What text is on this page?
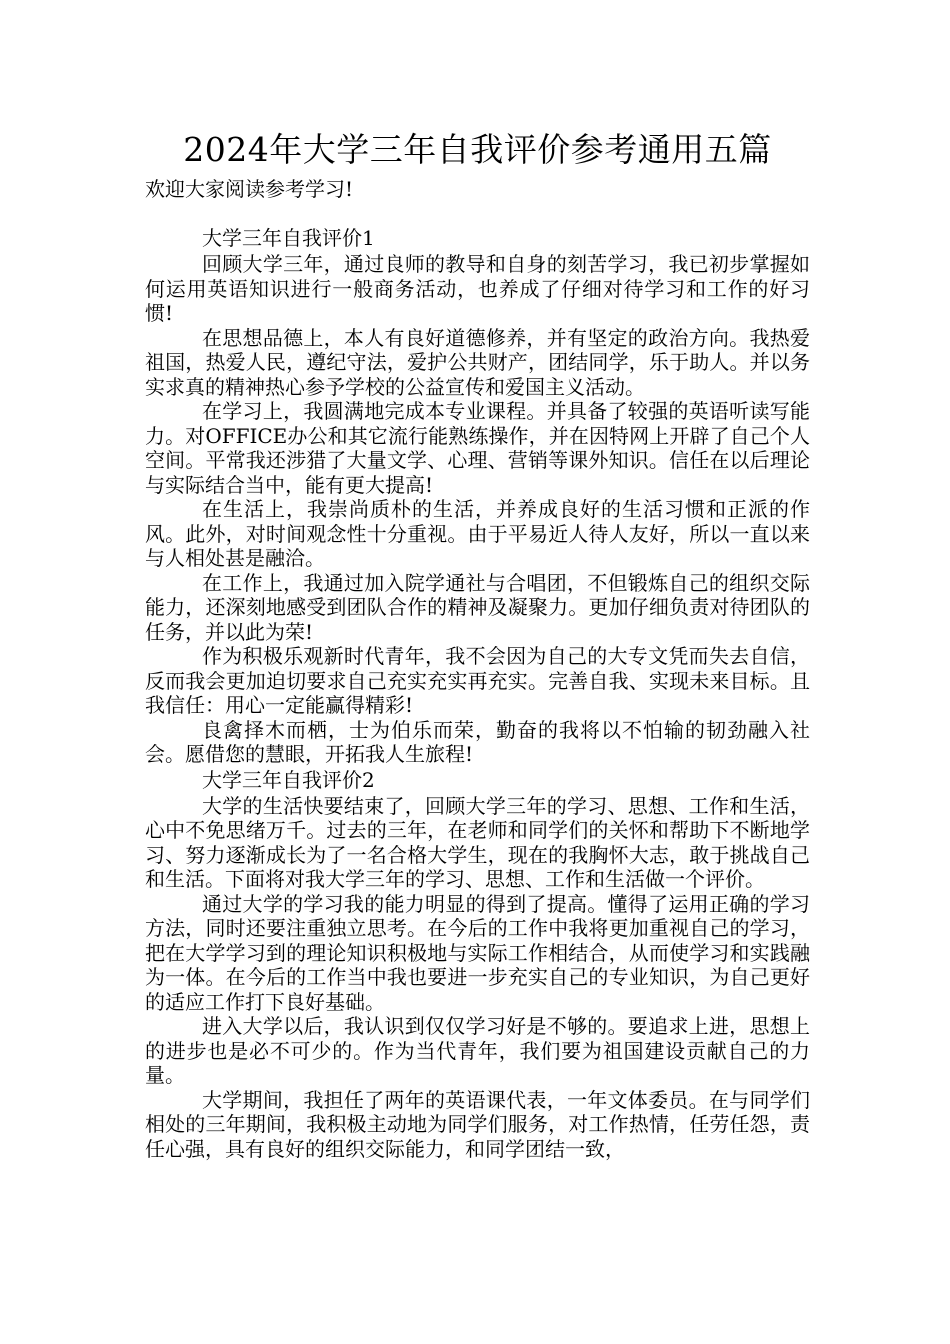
2024年大学三年自我评价参考通用五篇

欢迎大家阅读参考学习!

大学三年自我评价1

回顾大学三年，通过良师的教导和自身的刻苦学习，我已初步掌握如何运用英语知识进行一般商务活动，也养成了仔细对待学习和工作的好习惯!

在思想品德上，本人有良好道德修养，并有坚定的政治方向。我热爱祖国，热爱人民，遵纪守法，爱护公共财产，团结同学，乐于助人。并以务实求真的精神热心参予学校的公益宣传和爱国主义活动。

在学习上，我圆满地完成本专业课程。并具备了较强的英语听读写能力。对OFFICE办公和其它流行能熟练操作，并在因特网上开辟了自己个人空间。平常我还涉猎了大量文学、心理、营销等课外知识。信任在以后理论与实际结合当中，能有更大提高!

在生活上，我崇尚质朴的生活，并养成良好的生活习惯和正派的作风。此外，对时间观念性十分重视。由于平易近人待人友好，所以一直以来与人相处甚是融洽。

在工作上，我通过加入院学通社与合唱团，不但锻炼自己的组织交际能力，还深刻地感受到团队合作的精神及凝聚力。更加仔细负责对待团队的任务，并以此为荣!

作为积极乐观新时代青年，我不会因为自己的大专文凭而失去自信，反而我会更加迫切要求自己充实充实再充实。完善自我、实现未来目标。且我信任：用心一定能赢得精彩!

良禽择木而栖，士为伯乐而荣，勤奋的我将以不怕输的韧劲融入社会。愿借您的慧眼，开拓我人生旅程!

大学三年自我评价2

大学的生活快要结束了，回顾大学三年的学习、思想、工作和生活，心中不免思绪万千。过去的三年，在老师和同学们的关怀和帮助下不断地学习、努力逐渐成长为了一名合格大学生，现在的我胸怀大志，敢于挑战自己和生活。下面将对我大学三年的学习、思想、工作和生活做一个评价。

通过大学的学习我的能力明显的得到了提高。懂得了运用正确的学习方法，同时还要注重独立思考。在今后的工作中我将更加重视自己的学习，把在大学学习到的理论知识积极地与实际工作相结合，从而使学习和实践融为一体。在今后的工作当中我也要进一步充实自己的专业知识，为自己更好的适应工作打下良好基础。

进入大学以后，我认识到仅仅学习好是不够的。要追求上进，思想上的进步也是必不可少的。作为当代青年，我们要为祖国建设贡献自己的力量。

大学期间，我担任了两年的英语课代表，一年文体委员。在与同学们相处的三年期间，我积极主动地为同学们服务，对工作热情，任劳任怨，责任心强，具有良好的组织交际能力，和同学团结一致，
